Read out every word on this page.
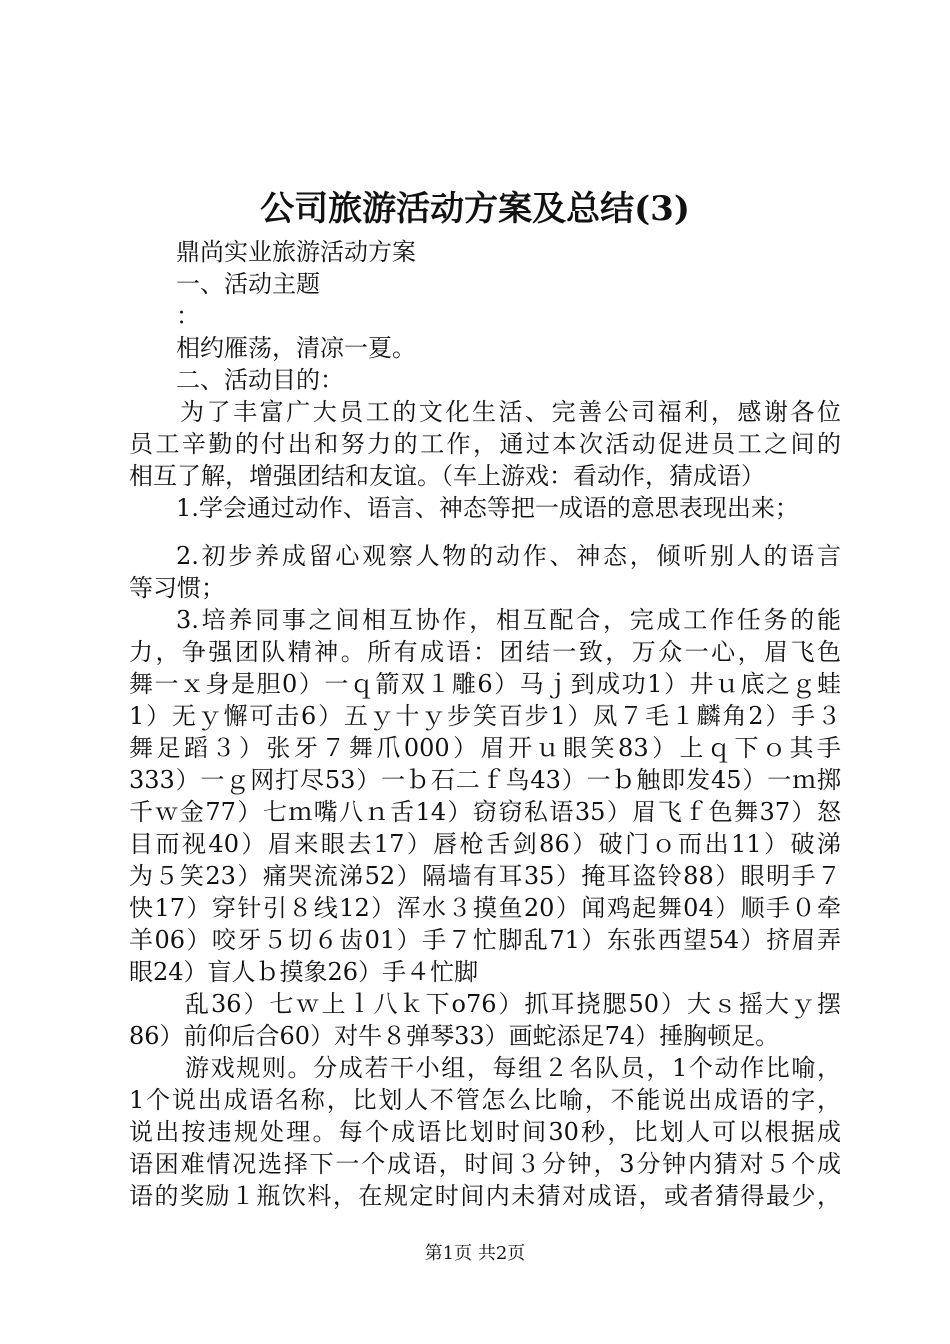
公司旅游活动方案及总结(3)
鼎尚实业旅游活动方案
一、活动主题
：
相约雁荡，清凉一夏。
二、活动目的：
为了丰富广大员工的文化生活、完善公司福利，感谢各位
员工辛勤的付出和努力的工作，通过本次活动促进员工之间的
相互了解，增强团结和友谊。（车上游戏：看动作，猜成语）
1.学会通过动作、语言、神态等把一成语的意思表现出来；
2.初步养成留心观察人物的动作、神态，倾听别人的语言
等习惯；
3.培养同事之间相互协作，相互配合，完成工作任务的能
力，争强团队精神。所有成语：团结一致，万众一心，眉飞色
舞一ｘ身是胆0）一ｑ箭双１雕6）马ｊ到成功1）井ｕ底之ｇ蛙
1）无ｙ懈可击6）五ｙ十ｙ步笑百步1）凤７毛１麟角2）手３
舞足蹈３）张牙７舞爪000）眉开ｕ眼笑83）上ｑ下ｏ其手
333）一ｇ网打尽53）一ｂ石二ｆ鸟43）一ｂ触即发45）一ｍ掷
千ｗ金77）七ｍ嘴八ｎ舌14）窃窃私语35）眉飞ｆ色舞37）怒
目而视40）眉来眼去17）唇枪舌剑86）破门ｏ而出11）破涕
为５笑23）痛哭流涕52）隔墙有耳35）掩耳盗铃88）眼明手７
快17）穿针引８线12）浑水３摸鱼20）闻鸡起舞04）顺手０牵
羊06）咬牙５切６齿01）手７忙脚乱71）东张西望54）挤眉弄
眼24）盲人ｂ摸象26）手４忙脚
乱36）七ｗ上ｌ八ｋ下o76）抓耳挠腮50）大ｓ摇大ｙ摆
86）前仰后合60）对牛８弹琴33）画蛇添足74）捶胸顿足。
游戏规则。分成若干小组，每组２名队员，1个动作比喻，
1个说出成语名称，比划人不管怎么比喻，不能说出成语的字，
说出按违规处理。每个成语比划时间30秒，比划人可以根据成
语困难情况选择下一个成语，时间３分钟，3分钟内猜对５个成
语的奖励１瓶饮料，在规定时间内未猜对成语，或者猜得最少，
第1页 共2页
